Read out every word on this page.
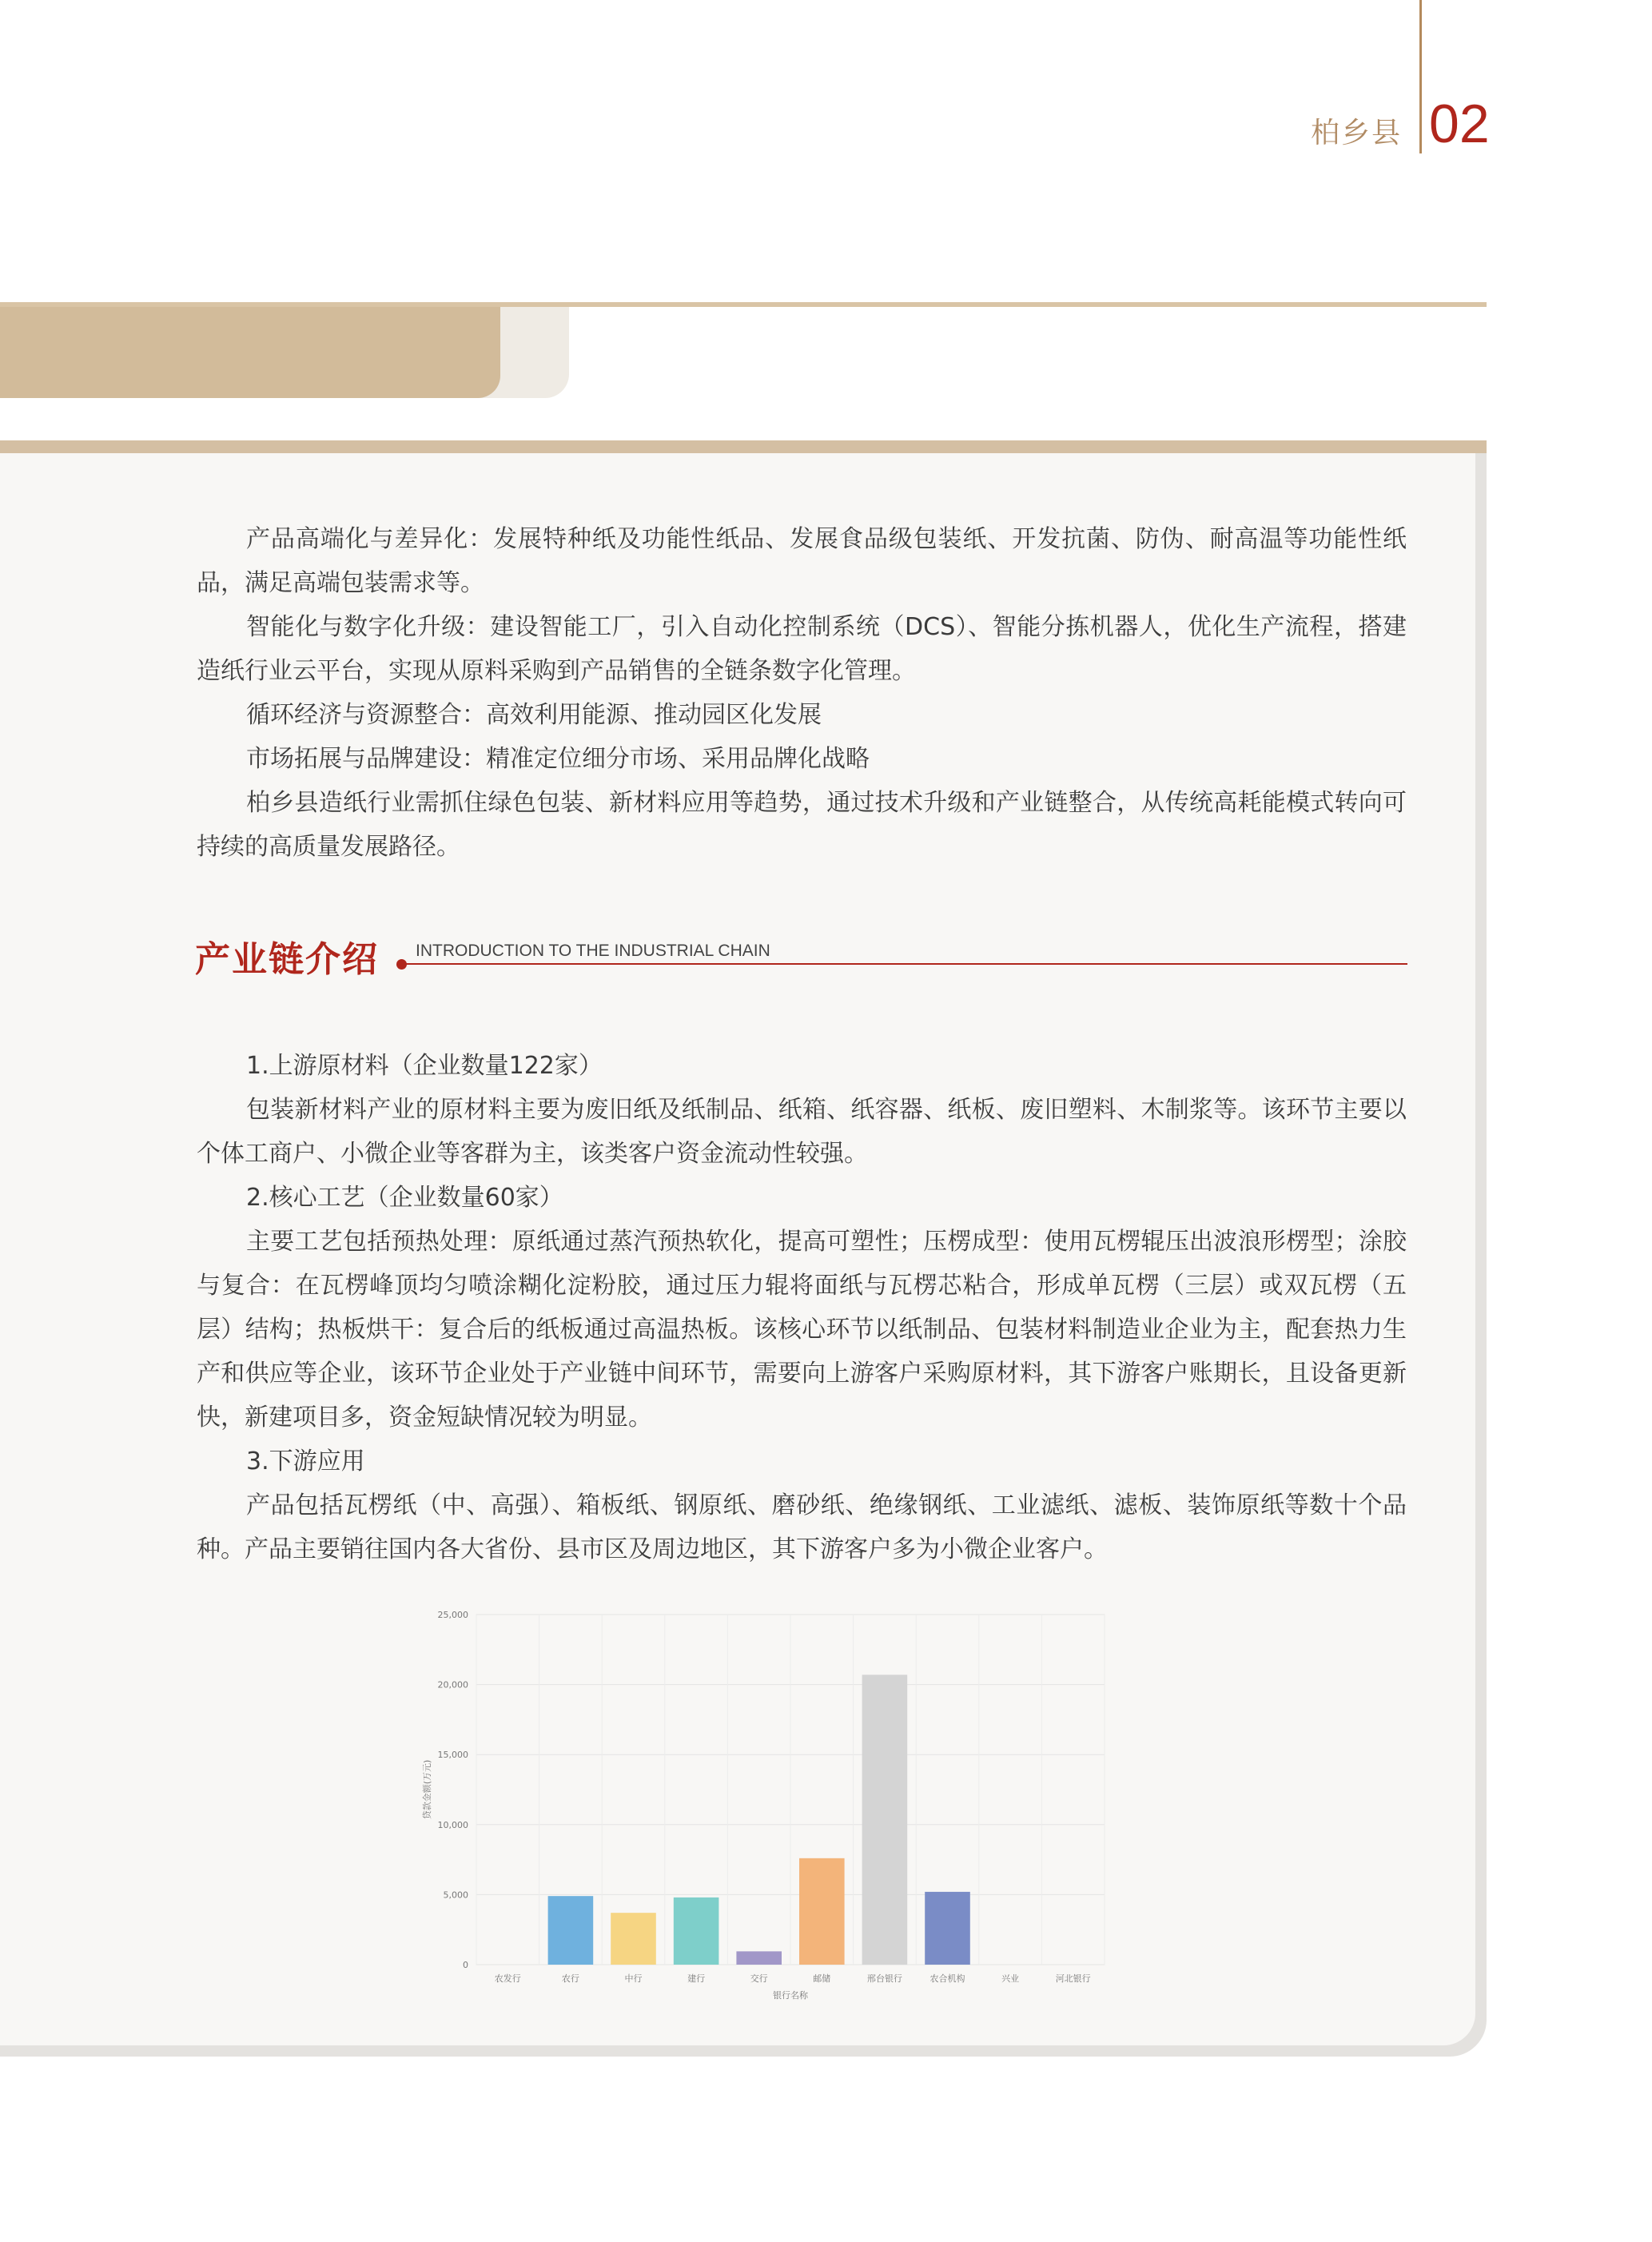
柏乡县 02

产品高端化与差异化：发展特种纸及功能性纸品、发展食品级包装纸、开发抗菌、防伪、耐高温等功能性纸品，满足高端包装需求等。

智能化与数字化升级：建设智能工厂，引入自动化控制系统（DCS）、智能分拣机器人，优化生产流程，搭建造纸行业云平台，实现从原料采购到产品销售的全链条数字化管理。

循环经济与资源整合：高效利用能源、推动园区化发展

市场拓展与品牌建设：精准定位细分市场、采用品牌化战略

柏乡县造纸行业需抓住绿色包装、新材料应用等趋势，通过技术升级和产业链整合，从传统高耗能模式转向可持续的高质量发展路径。

产业链介绍 INTRODUCTION TO THE INDUSTRIAL CHAIN

1.上游原材料（企业数量122家）

包装新材料产业的原材料主要为废旧纸及纸制品、纸箱、纸容器、纸板、废旧塑料、木制浆等。该环节主要以个体工商户、小微企业等客群为主，该类客户资金流动性较强。

2.核心工艺（企业数量60家）

主要工艺包括预热处理：原纸通过蒸汽预热软化，提高可塑性；压楞成型：使用瓦楞辊压出波浪形楞型；涂胶与复合：在瓦楞峰顶均匀喷涂糊化淀粉胶，通过压力辊将面纸与瓦楞芯粘合，形成单瓦楞（三层）或双瓦楞（五层）结构；热板烘干：复合后的纸板通过高温热板。该核心环节以纸制品、包装材料制造业企业为主，配套热力生产和供应等企业，该环节企业处于产业链中间环节，需要向上游客户采购原材料，其下游客户账期长，且设备更新快，新建项目多，资金短缺情况较为明显。

3.下游应用

产品包括瓦楞纸（中、高强）、箱板纸、钢原纸、磨砂纸、绝缘钢纸、工业滤纸、滤板、装饰原纸等数十个品种。产品主要销往国内各大省份、县市区及周边地区，其下游客户多为小微企业客户。

0
5,000
10,000
15,000
20,000
25,000
农发行	农行	中行	建行	交行	邮储	邢台银行	农合机构	兴业	河北银行
银行名称
贷款金额(万元)
